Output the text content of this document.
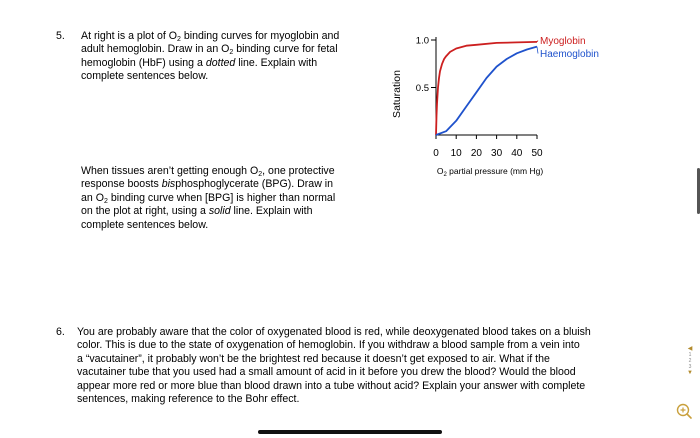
5. At right is a plot of $O_2$ binding curves for myoglobin and
adult hemoglobin. Draw in an $O_2$ binding curve for fetal
hemoglobin (HbF) using a dotted line. Explain with
complete sentences below.
When tissues aren’t getting enough $O_2$, one protective
response boosts bisphosphoglycerate (BPG). Draw in
an $O_2$ binding curve when [BPG] is higher than normal
on the plot at right, using a solid line. Explain with
complete sentences below.
Saturation
$O_2$ partial pressure (mm Hg)
0 10 20 30 40 50
0.5
1.0	Myoglobin
Haemoglobin
6. You are probably aware that the color of oxygenated blood is red, while deoxygenated blood takes on a bluish
color. This is due to the state of oxygenation of hemoglobin. If you withdraw a blood sample from a vein into
a “vacutainer”, it probably won’t be the brightest red because it doesn’t get exposed to air. What if the
vacutainer tube that you used had a small amount of acid in it before you drew the blood? Would the blood
appear more red or more blue than blood drawn into a tube without acid? Explain your answer with complete
sentences, making reference to the Bohr effect.
◀
1
2
3
▼
